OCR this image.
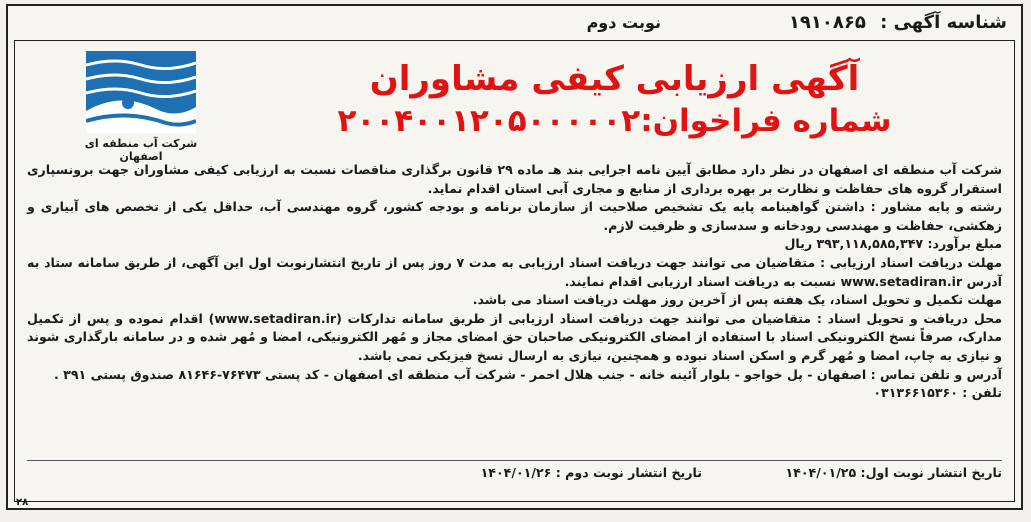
شناسه آگهی : ۱۹۱۰۸۶۵
نوبت دوم
شرکت آب منطقه ای اصفهان
آگهی ارزیابی کیفی مشاوران
شماره فراخوان:۲۰۰۴۰۰۱۲۰۵۰۰۰۰۰۲

شرکت آب منطقه ای اصفهان در نظر دارد مطابق آیین نامه اجرایی بند هـ ماده ۲۹ قانون برگذاری مناقصات نسبت به ارزیابی کیفی مشاوران جهت برونسپاری استقرار گروه های حفاظت و نظارت بر بهره برداری از منابع و مجاری آبی استان اقدام نماید.

رشته و پایه مشاور : داشتن گواهینامه پایه یک تشخیص صلاحیت از سازمان برنامه و بودجه کشور، گروه مهندسی آب، حداقل یکی از تخصص های آبیاری و زهکشی، حفاظت و مهندسی رودخانه و سدسازی و ظرفیت لازم.

مبلغ برآورد: ۳۹۳,۱۱۸,۵۸۵,۳۴۷ ریال

مهلت دریافت اسناد ارزیابی : متقاضیان می توانند جهت دریافت اسناد ارزیابی به مدت ۷ روز پس از تاریخ انتشارنوبت اول این آگهی، از طریق سامانه ستاد به آدرس www.setadiran.ir نسبت به دریافت اسناد ارزیابی اقدام نمایند.

مهلت تکمیل و تحویل اسناد، یک هفته پس از آخرین روز مهلت دریافت اسناد می باشد.

محل دریافت و تحویل اسناد : متقاضیان می توانند جهت دریافت اسناد ارزیابی از طریق سامانه تدارکات (www.setadiran.ir) اقدام نموده و پس از تکمیل مدارک، صرفاً نسخ الکترونیکی اسناد با استفاده از امضای الکترونیکی صاحبان حق امضای مجاز و مُهر الکترونیکی، امضا و مُهر شده و در سامانه بارگذاری شوند و نیازی به چاپ، امضا و مُهر گرم و اسکن اسناد نبوده و همچنین، نیازی به ارسال نسخ فیزیکی نمی باشد.

آدرس و تلفن تماس : اصفهان - پل خواجو - بلوار آئینه خانه - جنب هلال احمر - شرکت آب منطقه ای اصفهان - کد پستی ۷۶۴۷۳-۸۱۶۴۶ صندوق پستی ۳۹۱ .

تلفن : ۰۳۱۳۶۶۱۵۳۶۰

تاریخ انتشار نوبت اول: ۱۴۰۴/۰۱/۲۵
تاریخ انتشار نوبت دوم : ۱۴۰۴/۰۱/۲۶
۲۸
